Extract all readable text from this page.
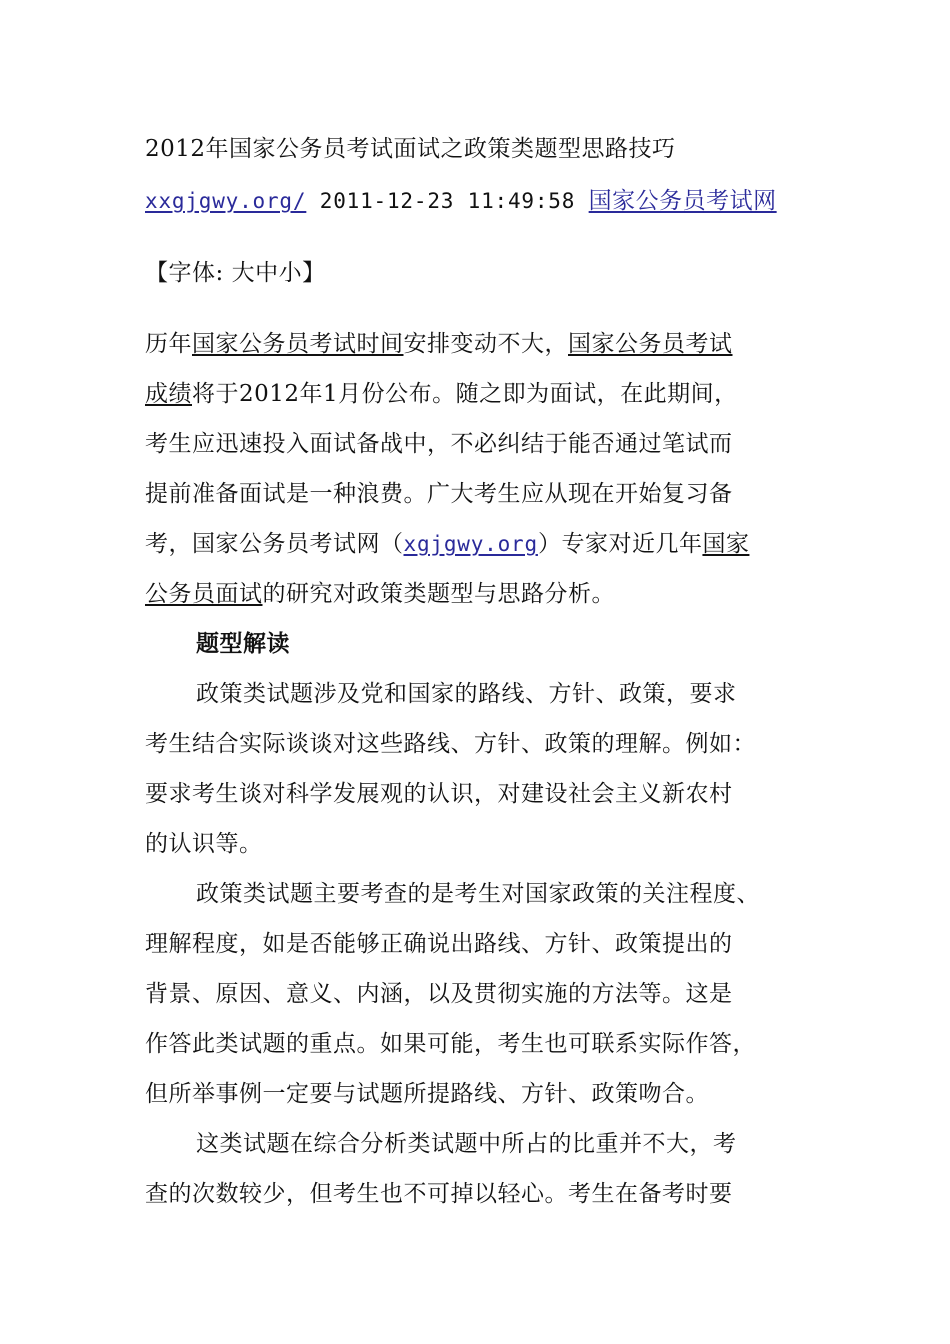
2012年国家公务员考试面试之政策类题型思路技巧
xxgjgwy.org/ 2011-12-23 11:49:58 国家公务员考试网
【字体: 大中小】
历年国家公务员考试时间安排变动不大，国家公务员考试
成绩将于2012年1月份公布。随之即为面试，在此期间，
考生应迅速投入面试备战中，不必纠结于能否通过笔试而
提前准备面试是一种浪费。广大考生应从现在开始复习备
考，国家公务员考试网（xgjgwy.org）专家对近几年国家
公务员面试的研究对政策类题型与思路分析。
题型解读
政策类试题涉及党和国家的路线、方针、政策，要求
考生结合实际谈谈对这些路线、方针、政策的理解。例如：
要求考生谈对科学发展观的认识，对建设社会主义新农村
的认识等。
政策类试题主要考查的是考生对国家政策的关注程度、
理解程度，如是否能够正确说出路线、方针、政策提出的
背景、原因、意义、内涵，以及贯彻实施的方法等。这是
作答此类试题的重点。如果可能，考生也可联系实际作答，
但所举事例一定要与试题所提路线、方针、政策吻合。
这类试题在综合分析类试题中所占的比重并不大，考
查的次数较少，但考生也不可掉以轻心。考生在备考时要
